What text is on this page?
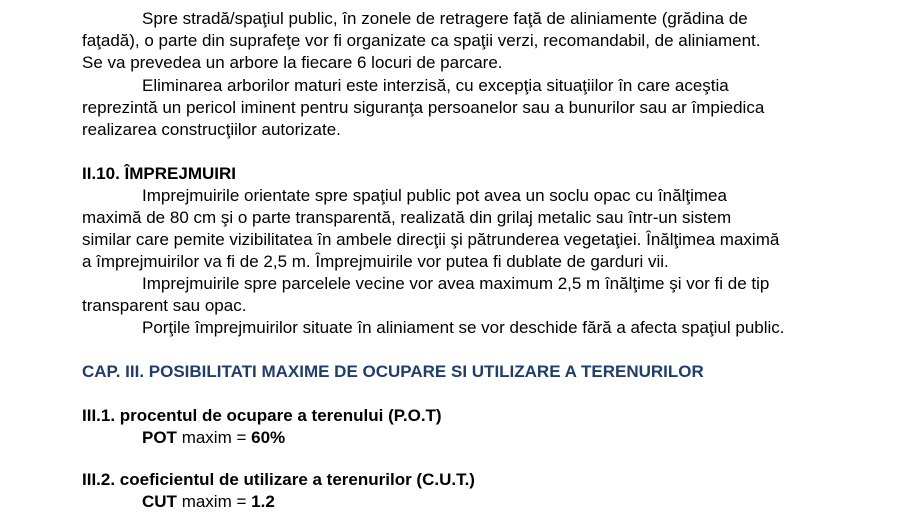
Spre stradă/spaţiul public, în zonele de retragere faţă de aliniamente (grădina de
faţadă), o parte din suprafeţe vor fi organizate ca spaţii verzi, recomandabil, de aliniament.
Se va prevedea un arbore la fiecare 6 locuri de parcare.
Eliminarea arborilor maturi este interzisă, cu excepţia situaţiilor în care aceştia
reprezintă un pericol iminent pentru siguranţa persoanelor sau a bunurilor sau ar împiedica
realizarea construcţiilor autorizate.
II.10. ÎMPREJMUIRI
Imprejmuirile orientate spre spaţiul public pot avea un soclu opac cu înălţimea
maximă de 80 cm şi o parte transparentă, realizată din grilaj metalic sau într-un sistem
similar care pemite vizibilitatea în ambele direcţii şi pătrunderea vegetaţiei. Înălţimea maximă
a împrejmuirilor va fi de 2,5 m. Împrejmuirile vor putea fi dublate de garduri vii.
Imprejmuirile spre parcelele vecine vor avea maximum 2,5 m înălţime şi vor fi de tip
transparent sau opac.
Porţile împrejmuirilor situate în aliniament se vor deschide fără a afecta spaţiul public.
CAP. III. POSIBILITATI MAXIME DE OCUPARE SI UTILIZARE A TERENURILOR
III.1. procentul de ocupare a terenului (P.O.T)
POT maxim = 60%
III.2. coeficientul de utilizare a terenurilor (C.U.T.)
CUT maxim = 1.2
